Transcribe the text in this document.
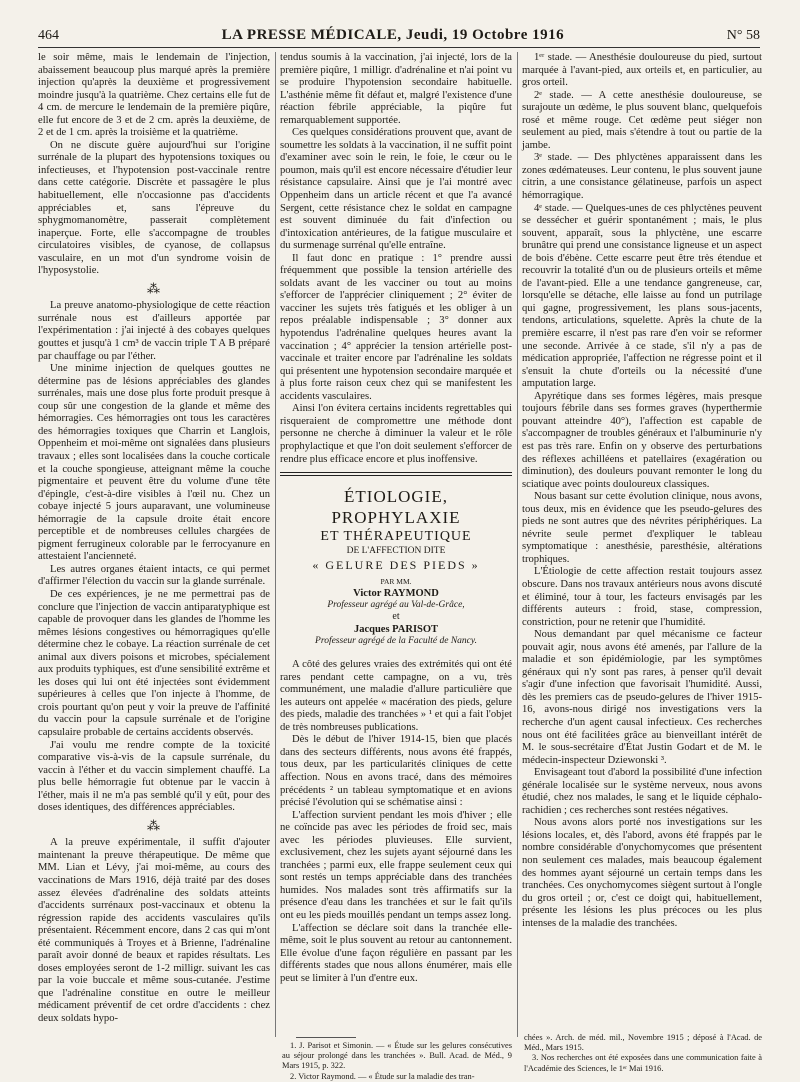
464	LA PRESSE MÉDICALE, Jeudi, 19 Octobre 1916	N° 58

le soir même, mais le lendemain de l'injection, abaissement beaucoup plus marqué après la première injection qu'après la deuxième et progressivement moindre jusqu'à la quatrième. Chez certains elle fut de 4 cm. de mercure le lendemain de la première piqûre, elle fut encore de 3 et de 2 cm. après la deuxième, de 2 et de 1 cm. après la troisième et la quatrième.

On ne discute guère aujourd'hui sur l'origine surrénale de la plupart des hypotensions toxiques ou infectieuses, et l'hypotension post-vaccinale rentre dans cette catégorie. Discrète et passagère le plus habituellement, elle n'occasionne pas d'accidents appréciables et, sans l'épreuve du sphygmomanomètre, passerait complètement inaperçue. Forte, elle s'accompagne de troubles circulatoires visibles, de cyanose, de collapsus vasculaire, en un mot d'un syndrome voisin de l'hyposystolie.

⁂

La preuve anatomo-physiologique de cette réaction surrénale nous est d'ailleurs apportée par l'expérimentation : j'ai injecté à des cobayes quelques gouttes et jusqu'à 1 cm³ de vaccin triple T A B préparé par chauffage ou par l'éther.

Une minime injection de quelques gouttes ne détermine pas de lésions appréciables des glandes surrénales, mais une dose plus forte produit presque à coup sûr une congestion de la glande et même des hémorragies. Ces hémorragies ont tous les caractères des hémorragies toxiques que Charrin et Langlois, Oppenheim et moi-même ont signalées dans plusieurs travaux ; elles sont localisées dans la couche corticale et la couche spongieuse, atteignant même la couche pigmentaire et peuvent être du volume d'une tête d'épingle, c'est-à-dire visibles à l'œil nu. Chez un cobaye injecté 5 jours auparavant, une volumineuse hémorragie de la capsule droite était encore perceptible et de nombreuses cellules chargées de pigment ferrugineux colorable par le ferrocyanure en attestaient l'ancienneté.

Les autres organes étaient intacts, ce qui permet d'affirmer l'élection du vaccin sur la glande surrénale.

De ces expériences, je ne me permettrai pas de conclure que l'injection de vaccin antiparatyphique est capable de provoquer dans les glandes de l'homme les mêmes lésions congestives ou hémorragiques qu'elle détermine chez le cobaye. La réaction surrénale de cet animal aux divers poisons et microbes, spécialement aux produits typhiques, est d'une sensibilité extrême et les doses qui lui ont été injectées sont évidemment supérieures à celles que l'on injecte à l'homme, de crois pourtant qu'on peut y voir la preuve de l'affinité du vaccin pour la capsule surrénale et de l'origine capsulaire probable de certains accidents observés.

J'ai voulu me rendre compte de la toxicité comparative vis-à-vis de la capsule surrénale, du vaccin à l'éther et du vaccin simplement chauffé. La plus belle hémorragie fut obtenue par le vaccin à l'éther, mais il ne m'a pas semblé qu'il y eût, pour des doses identiques, des différences appréciables.

⁂

A la preuve expérimentale, il suffit d'ajouter maintenant la preuve thérapeutique. De même que MM. Lian et Lévy, j'ai moi-même, au cours des vaccinations de Mars 1916, déjà traité par des doses assez élevées d'adrénaline des soldats atteints d'accidents surrénaux post-vaccinaux et obtenu la régression rapide des accidents vasculaires qu'ils présentaient. Récemment encore, dans 2 cas qui m'ont été communiqués à Troyes et à Brienne, l'adrénaline paraît avoir donné de beaux et rapides résultats. Les doses employées seront de 1-2 milligr. suivant les cas par la voie buccale et même sous-cutanée. J'estime que l'adrénaline constitue en outre le meilleur médicament préventif de cet ordre d'accidents : chez deux soldats hypo-

tendus soumis à la vaccination, j'ai injecté, lors de la première piqûre, 1 milligr. d'adrénaline et n'ai point vu se produire l'hypotension secondaire habituelle. L'asthénie même fit défaut et, malgré l'existence d'une réaction fébrile appréciable, la piqûre fut remarquablement supportée.

Ces quelques considérations prouvent que, avant de soumettre les soldats à la vaccination, il ne suffit point d'examiner avec soin le rein, le foie, le cœur ou le poumon, mais qu'il est encore nécessaire d'étudier leur résistance capsulaire. Ainsi que je l'ai montré avec Oppenheim dans un article récent et que l'a avancé Sergent, cette résistance chez le soldat en campagne est souvent diminuée du fait d'infection ou d'intoxication antérieures, de la fatigue musculaire et du surmenage surrénal qu'elle entraîne.

Il faut donc en pratique : 1° prendre aussi fréquemment que possible la tension artérielle des soldats avant de les vacciner ou tout au moins s'efforcer de l'apprécier cliniquement ; 2° éviter de vacciner les sujets très fatigués et les obliger à un repos préalable indispensable ; 3° donner aux hypotendus l'adrénaline quelques heures avant la vaccination ; 4° apprécier la tension artérielle post-vaccinale et traiter encore par l'adrénaline les soldats qui présentent une hypotension secondaire marquée et à plus forte raison ceux chez qui se manifestent les accidents vasculaires.

Ainsi l'on évitera certains incidents regrettables qui risqueraient de compromettre une méthode dont personne ne cherche à diminuer la valeur et le rôle prophylactique et que l'on doit seulement s'efforcer de rendre plus efficace encore et plus inoffensive.

ÉTIOLOGIE, PROPHYLAXIE

ET THÉRAPEUTIQUE

DE L'AFFECTION DITE

« GELURE DES PIEDS »

PAR MM.

Victor RAYMOND

Professeur agrégé au Val-de-Grâce,

et

Jacques PARISOT

Professeur agrégé de la Faculté de Nancy.

A côté des gelures vraies des extrémités qui ont été rares pendant cette campagne, on a vu, très communément, une maladie d'allure particulière que les auteurs ont appelée « macération des pieds, gelure des pieds, maladie des tranchées » ¹ et qui a fait l'objet de très nombreuses publications.

Dès le début de l'hiver 1914-15, bien que placés dans des secteurs différents, nous avons été frappés, tous deux, par les particularités cliniques de cette affection. Nous en avons tracé, dans des mémoires précédents ² un tableau symptomatique et en avions précisé l'évolution qui se schématise ainsi :

L'affection survient pendant les mois d'hiver ; elle ne coïncide pas avec les périodes de froid sec, mais avec les périodes pluvieuses. Elle survient, exclusivement, chez les sujets ayant séjourné dans les tranchées ; parmi eux, elle frappe seulement ceux qui sont restés un temps appréciable dans des tranchées humides. Nos malades sont très affirmatifs sur la présence d'eau dans les tranchées et sur le fait qu'ils ont eu les pieds mouillés pendant un temps assez long.

L'affection se déclare soit dans la tranchée elle-même, soit le plus souvent au retour au cantonnement. Elle évolue d'une façon régulière en passant par les différents stades que nous allons énumérer, mais elle peut se limiter à l'un d'entre eux.

1ᵉʳ stade. — Anesthésie douloureuse du pied, surtout marquée à l'avant-pied, aux orteils et, en particulier, au gros orteil.

2ᵉ stade. — A cette anesthésie douloureuse, se surajoute un œdème, le plus souvent blanc, quelquefois rosé et même rouge. Cet œdème peut siéger non seulement au pied, mais s'étendre à tout ou partie de la jambe.

3ᵉ stade. — Des phlyctènes apparaissent dans les zones œdémateuses. Leur contenu, le plus souvent jaune citrin, a une consistance gélatineuse, parfois un aspect hémorragique.

4ᵉ stade. — Quelques-unes de ces phlyctènes peuvent se dessécher et guérir spontanément ; mais, le plus souvent, apparaît, sous la phlyctène, une escarre brunâtre qui prend une consistance ligneuse et un aspect de bois d'ébène. Cette escarre peut être très étendue et recouvrir la totalité d'un ou de plusieurs orteils et même de l'avant-pied. Elle a une tendance gangreneuse, car, lorsqu'elle se détache, elle laisse au fond un putrilage qui gagne, progressivement, les plans sous-jacents, tendons, articulations, squelette. Après la chute de la première escarre, il n'est pas rare d'en voir se reformer une seconde. Arrivée à ce stade, s'il n'y a pas de médication appropriée, l'affection ne régresse point et il s'ensuit la chute d'orteils ou la nécessité d'une amputation large.

Apyrétique dans ses formes légères, mais presque toujours fébrile dans ses formes graves (hyperthermie pouvant atteindre 40°), l'affection est capable de s'accompagner de troubles généraux et l'albuminurie n'y est pas très rare. Enfin on y observe des perturbations des réflexes achilléens et patellaires (exagération ou diminution), des douleurs pouvant remonter le long du sciatique avec points douloureux classiques.

Nous basant sur cette évolution clinique, nous avons, tous deux, mis en évidence que les pseudo-gelures des pieds ne sont autres que des névrites périphériques. La névrite seule permet d'expliquer le tableau symptomatique : anesthésie, paresthésie, altérations trophiques.

L'Étiologie de cette affection restait toujours assez obscure. Dans nos travaux antérieurs nous avons discuté et éliminé, tour à tour, les facteurs envisagés par les différents auteurs : froid, stase, compression, constriction, pour ne retenir que l'humidité.

Nous demandant par quel mécanisme ce facteur pouvait agir, nous avons été amenés, par l'allure de la maladie et son épidémiologie, par les symptômes généraux qui n'y sont pas rares, à penser qu'il devait s'agir d'une infection que favorisait l'humidité. Aussi, dès les premiers cas de pseudo-gelures de l'hiver 1915-16, avons-nous dirigé nos investigations vers la recherche d'un agent causal infectieux. Ces recherches nous ont été facilitées grâce au bienveillant intérêt de M. le sous-secrétaire d'État Justin Godart et de M. le médecin-inspecteur Dziewonski ³.

Envisageant tout d'abord la possibilité d'une infection générale localisée sur le système nerveux, nous avons étudié, chez nos malades, le sang et le liquide céphalo-rachidien ; ces recherches sont restées négatives.

Nous avons alors porté nos investigations sur les lésions locales, et, dès l'abord, avons été frappés par le nombre considérable d'onychomycomes que présentent non seulement ces malades, mais beaucoup également des hommes ayant séjourné un certain temps dans les tranchées. Ces onychomycomes siègent surtout à l'ongle du gros orteil ; or, c'est ce doigt qui, habituellement, présente les lésions les plus précoces ou les plus intenses de la maladie des tranchées.

1. J. Parisot et Simonin. — « Étude sur les gelures consécutives au séjour prolongé dans les tranchées ». Bull. Acad. de Méd., 9 Mars 1915, p. 322.

2. Victor Raymond. — « Étude sur la maladie des tran-

chées ». Arch. de méd. mil., Novembre 1915 ; déposé à l'Acad. de Méd., Mars 1915.

3. Nos recherches ont été exposées dans une communication faite à l'Académie des Sciences, le 1ᵉʳ Mai 1916.
